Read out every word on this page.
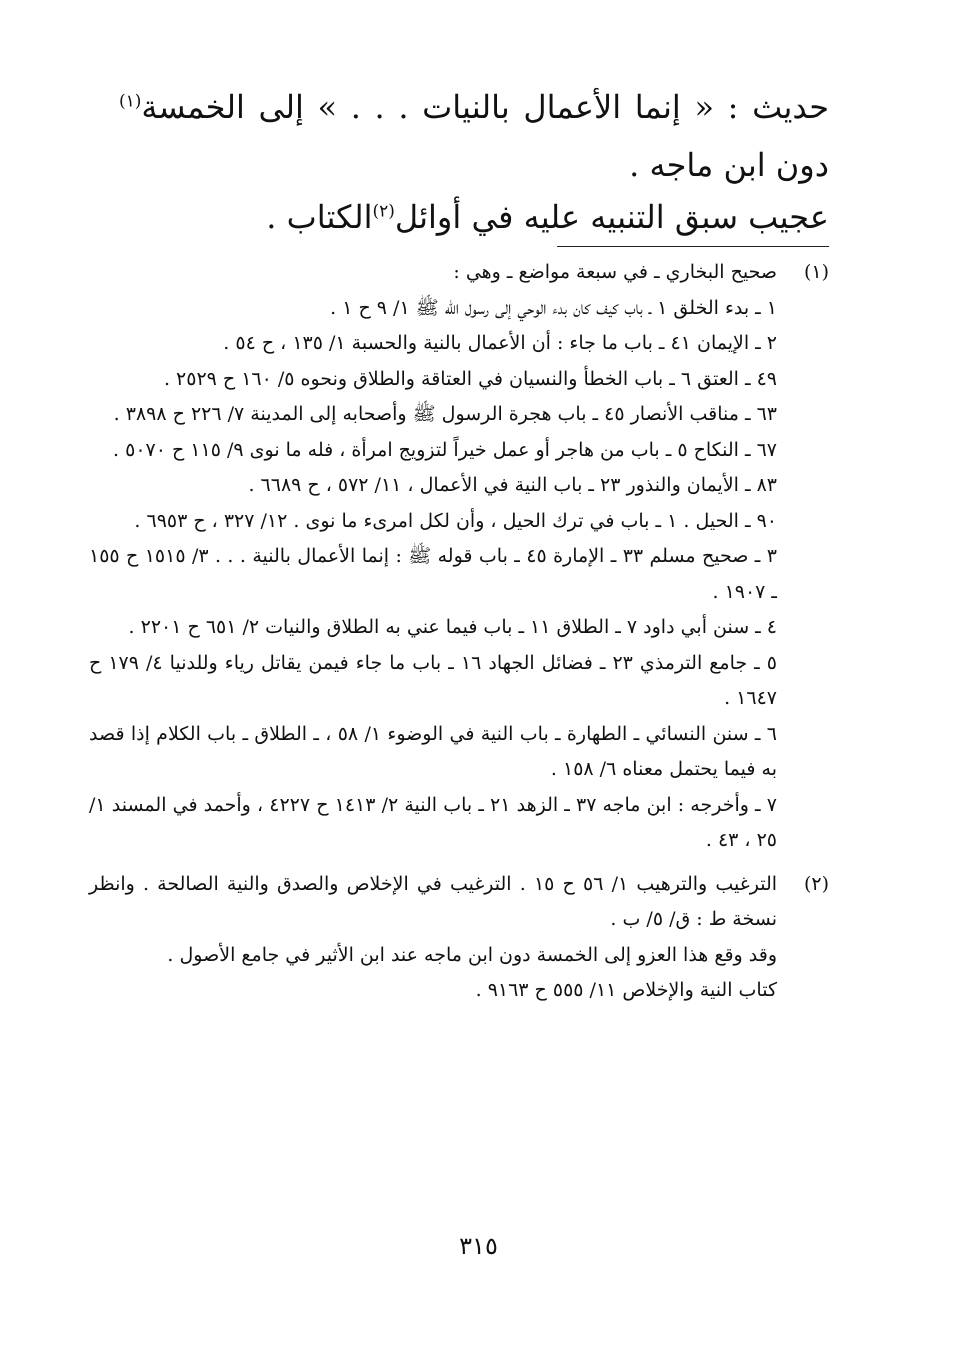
حديث : « إنما الأعمال بالنيات . . . » إلى الخمسة$^{(١)}$ دون ابن ماجه .

عجيب سبق التنبيه عليه في أوائل$^{(٢)}$الكتاب .

(١)

صحيح البخاري ـ في سبعة مواضع ـ وهي :

١ ـ بدء الخلق ١ ـ باب كيف كان بدء الوحي إلى رسول الله ﷺ ١/ ٩ ح ١ .

٢ ـ الإيمان ٤١ ـ باب ما جاء : أن الأعمال بالنية والحسبة ١/ ١٣٥ ، ح ٥٤ .

٤٩ ـ العتق ٦ ـ باب الخطأ والنسيان في العتاقة والطلاق ونحوه ٥/ ١٦٠ ح ٢٥٢٩ .

٦٣ ـ مناقب الأنصار ٤٥ ـ باب هجرة الرسول ﷺ وأصحابه إلى المدينة ٧/ ٢٢٦ ح ٣٨٩٨ .

٦٧ ـ النكاح ٥ ـ باب من هاجر أو عمل خيراً لتزويج امرأة ، فله ما نوى ٩/ ١١٥ ح ٥٠٧٠ .

٨٣ ـ الأيمان والنذور ٢٣ ـ باب النية في الأعمال ، ١١/ ٥٧٢ ، ح ٦٦٨٩ .

٩٠ ـ الحيل . ١ ـ باب في ترك الحيل ، وأن لكل امرىء ما نوى . ١٢/ ٣٢٧ ، ح ٦٩٥٣ .

٣ ـ صحيح مسلم ٣٣ ـ الإمارة ٤٥ ـ باب قوله ﷺ : إنما الأعمال بالنية . . . ٣/ ١٥١٥ ح ١٥٥ ـ ١٩٠٧ .

٤ ـ سنن أبي داود ٧ ـ الطلاق ١١ ـ باب فيما عني به الطلاق والنيات ٢/ ٦٥١ ح ٢٢٠١ .

٥ ـ جامع الترمذي ٢٣ ـ فضائل الجهاد ١٦ ـ باب ما جاء فيمن يقاتل رياء وللدنيا ٤/ ١٧٩ ح ١٦٤٧ .

٦ ـ سنن النسائي ـ الطهارة ـ باب النية في الوضوء ١/ ٥٨ ، ـ الطلاق ـ باب الكلام إذا قصد به فيما يحتمل معناه ٦/ ١٥٨ .

٧ ـ وأخرجه : ابن ماجه ٣٧ ـ الزهد ٢١ ـ باب النية ٢/ ١٤١٣ ح ٤٢٢٧ ، وأحمد في المسند ١/ ٢٥ ، ٤٣ .

(٢)

الترغيب والترهيب ١/ ٥٦ ح ١٥ . الترغيب في الإخلاص والصدق والنية الصالحة . وانظر نسخة ط : ق/ ٥/ ب .

وقد وقع هذا العزو إلى الخمسة دون ابن ماجه عند ابن الأثير في جامع الأصول .

كتاب النية والإخلاص ١١/ ٥٥٥ ح ٩١٦٣ .

٣١٥
